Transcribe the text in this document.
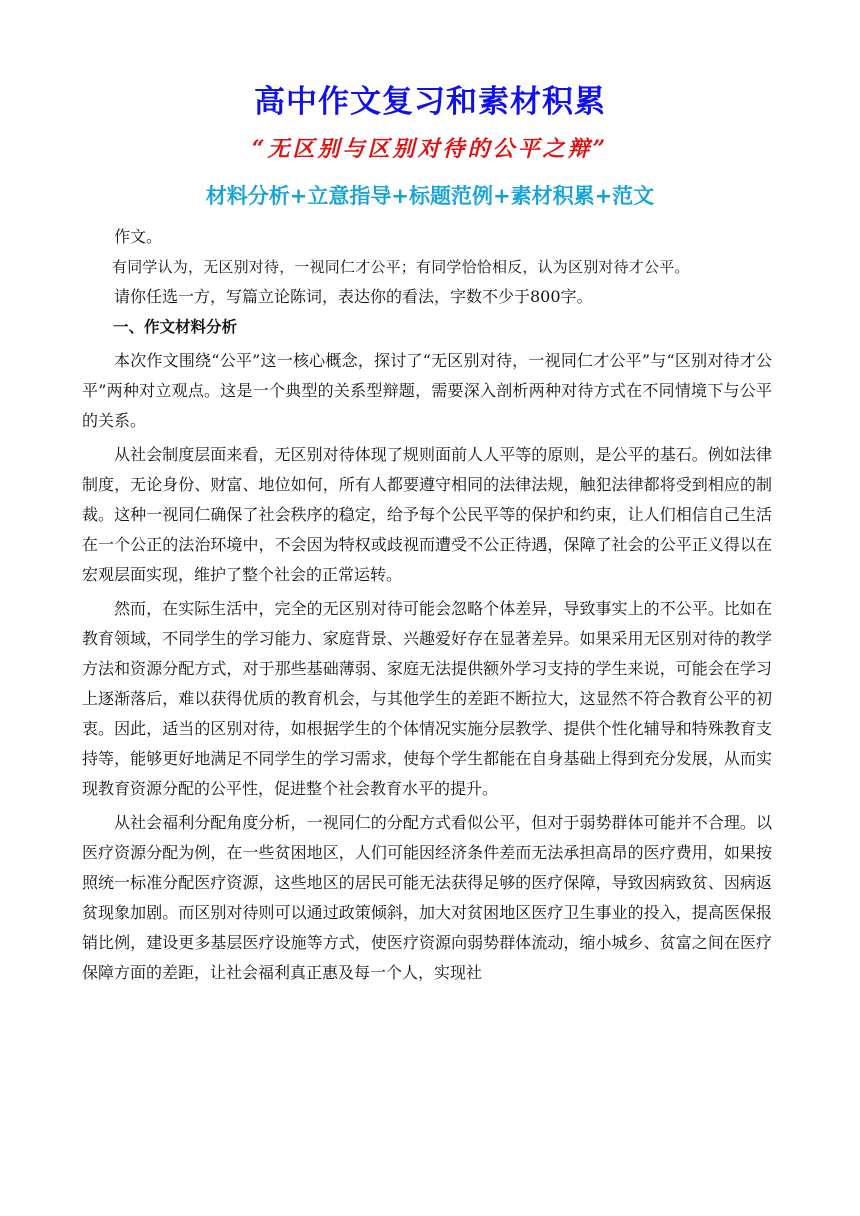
高中作文复习和素材积累
“无区别与区别对待的公平之辩”
材料分析+立意指导+标题范例+素材积累+范文

作文。

有同学认为，无区别对待，一视同仁才公平；有同学恰恰相反，认为区别对待才公平。

请你任选一方，写篇立论陈词，表达你的看法，字数不少于800字。

一、作文材料分析

本次作文围绕“公平”这一核心概念，探讨了“无区别对待，一视同仁才公平”与“区别对待才公平”两种对立观点。这是一个典型的关系型辩题，需要深入剖析两种对待方式在不同情境下与公平的关系。

从社会制度层面来看，无区别对待体现了规则面前人人平等的原则，是公平的基石。例如法律制度，无论身份、财富、地位如何，所有人都要遵守相同的法律法规，触犯法律都将受到相应的制裁。这种一视同仁确保了社会秩序的稳定，给予每个公民平等的保护和约束，让人们相信自己生活在一个公正的法治环境中，不会因为特权或歧视而遭受不公正待遇，保障了社会的公平正义得以在宏观层面实现，维护了整个社会的正常运转。

然而，在实际生活中，完全的无区别对待可能会忽略个体差异，导致事实上的不公平。比如在教育领域，不同学生的学习能力、家庭背景、兴趣爱好存在显著差异。如果采用无区别对待的教学方法和资源分配方式，对于那些基础薄弱、家庭无法提供额外学习支持的学生来说，可能会在学习上逐渐落后，难以获得优质的教育机会，与其他学生的差距不断拉大，这显然不符合教育公平的初衷。因此，适当的区别对待，如根据学生的个体情况实施分层教学、提供个性化辅导和特殊教育支持等，能够更好地满足不同学生的学习需求，使每个学生都能在自身基础上得到充分发展，从而实现教育资源分配的公平性，促进整个社会教育水平的提升。

从社会福利分配角度分析，一视同仁的分配方式看似公平，但对于弱势群体可能并不合理。以医疗资源分配为例，在一些贫困地区，人们可能因经济条件差而无法承担高昂的医疗费用，如果按照统一标准分配医疗资源，这些地区的居民可能无法获得足够的医疗保障，导致因病致贫、因病返贫现象加剧。而区别对待则可以通过政策倾斜，加大对贫困地区医疗卫生事业的投入，提高医保报销比例，建设更多基层医疗设施等方式，使医疗资源向弱势群体流动，缩小城乡、贫富之间在医疗保障方面的差距，让社会福利真正惠及每一个人，实现社
